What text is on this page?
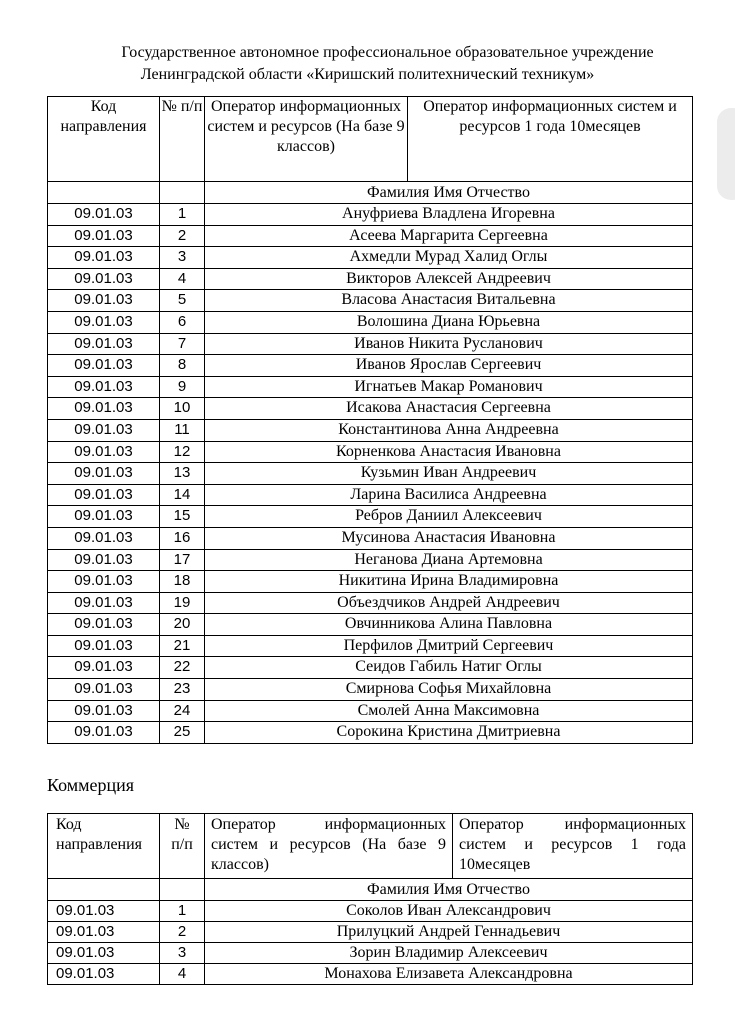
Государственное автономное профессиональное образовательное учреждение
Ленинградской области «Киришский политехнический техникум»
Код направления	№ п/п	Оператор информационных систем и ресурсов (На базе 9 классов)	Оператор информационных систем и ресурсов 1 года 10месяцев
		Фамилия Имя Отчество	
09.01.03	1	Ануфриева Владлена Игоревна	
09.01.03	2	Асеева Маргарита Сергеевна	
09.01.03	3	Ахмедли Мурад Халид Оглы	
09.01.03	4	Викторов Алексей Андреевич	
09.01.03	5	Власова Анастасия Витальевна	
09.01.03	6	Волошина Диана Юрьевна	
09.01.03	7	Иванов Никита Русланович	
09.01.03	8	Иванов Ярослав Сергеевич	
09.01.03	9	Игнатьев Макар Романович	
09.01.03	10	Исакова Анастасия Сергеевна	
09.01.03	11	Константинова Анна Андреевна	
09.01.03	12	Корненкова Анастасия Ивановна	
09.01.03	13	Кузьмин Иван Андреевич	
09.01.03	14	Ларина Василиса Андреевна	
09.01.03	15	Ребров Даниил Алексеевич	
09.01.03	16	Мусинова Анастасия Ивановна	
09.01.03	17	Неганова Диана Артемовна	
09.01.03	18	Никитина Ирина Владимировна	
09.01.03	19	Объездчиков Андрей Андреевич	
09.01.03	20	Овчинникова Алина Павловна	
09.01.03	21	Перфилов Дмитрий Сергеевич	
09.01.03	22	Сеидов Габиль Натиг Оглы	
09.01.03	23	Смирнова Софья Михайловна	
09.01.03	24	Смолей Анна Максимовна	
09.01.03	25	Сорокина Кристина Дмитриевна	
Коммерция
Код направления	№ п/п	Оператор информационных систем и ресурсов (На базе 9 классов)	Оператор информационных систем и ресурсов 1 года 10месяцев
		Фамилия Имя Отчество	
09.01.03	1	Соколов Иван Александрович	
09.01.03	2	Прилуцкий Андрей Геннадьевич	
09.01.03	3	Зорин Владимир Алексеевич	
09.01.03	4	Монахова Елизавета Александровна	
